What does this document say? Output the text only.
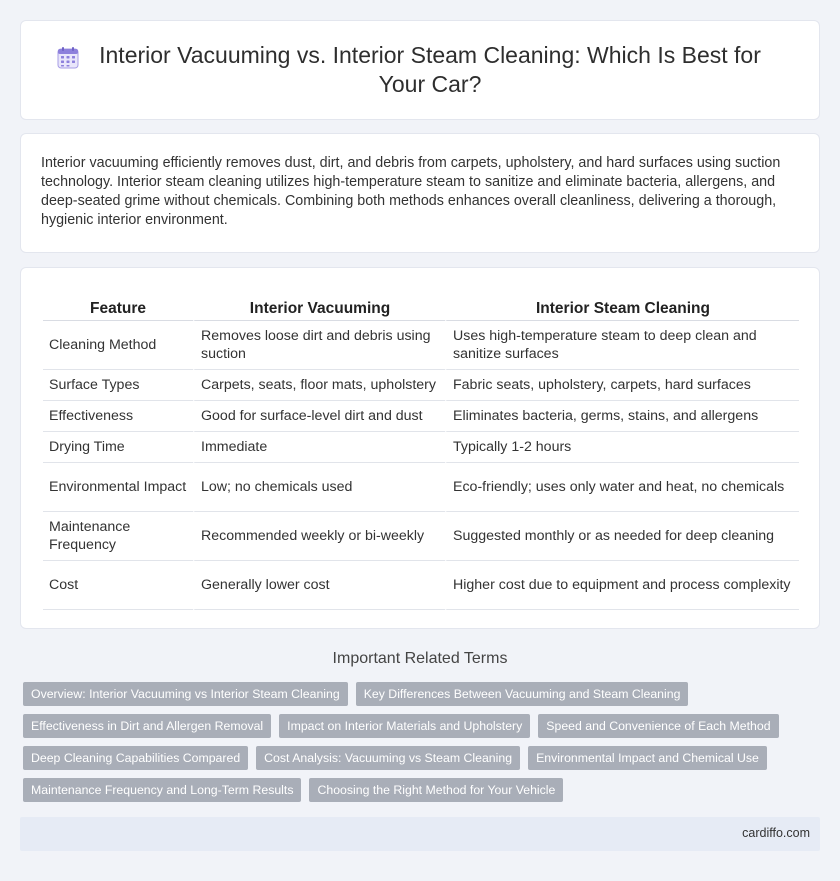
Interior Vacuuming vs. Interior Steam Cleaning: Which Is Best for Your Car?

Interior vacuuming efficiently removes dust, dirt, and debris from carpets, upholstery, and hard surfaces using suction technology. Interior steam cleaning utilizes high-temperature steam to sanitize and eliminate bacteria, allergens, and deep-seated grime without chemicals. Combining both methods enhances overall cleanliness, delivering a thorough, hygienic interior environment.

Feature	Interior Vacuuming	Interior Steam Cleaning
Cleaning Method	Removes loose dirt and debris using suction	Uses high-temperature steam to deep clean and sanitize surfaces
Surface Types	Carpets, seats, floor mats, upholstery	Fabric seats, upholstery, carpets, hard surfaces
Effectiveness	Good for surface-level dirt and dust	Eliminates bacteria, germs, stains, and allergens
Drying Time	Immediate	Typically 1-2 hours
Environmental Impact	Low; no chemicals used	Eco-friendly; uses only water and heat, no chemicals
Maintenance Frequency	Recommended weekly or bi-weekly	Suggested monthly or as needed for deep cleaning
Cost	Generally lower cost	Higher cost due to equipment and process complexity
Important Related Terms
Overview: Interior Vacuuming vs Interior Steam Cleaning	Key Differences Between Vacuuming and Steam Cleaning
Effectiveness in Dirt and Allergen Removal	Impact on Interior Materials and Upholstery	Speed and Convenience of Each Method
Deep Cleaning Capabilities Compared	Cost Analysis: Vacuuming vs Steam Cleaning	Environmental Impact and Chemical Use
Maintenance Frequency and Long-Term Results	Choosing the Right Method for Your Vehicle
cardiffo.com
